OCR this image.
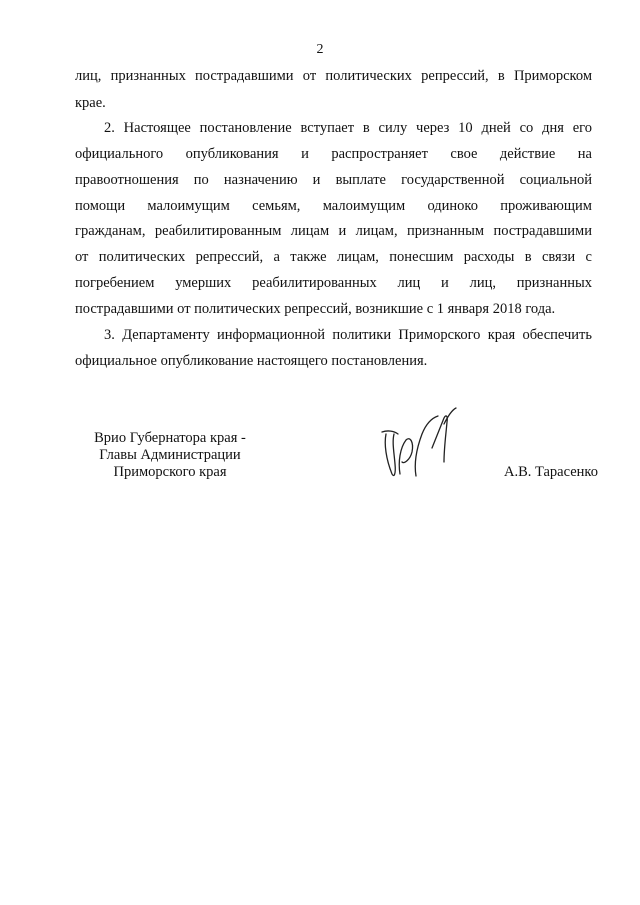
2
лиц, признанных пострадавшими от политических репрессий, в Приморском
крае.
2. Настоящее постановление вступает в силу через 10 дней со дня его
официального опубликования и распространяет свое действие на
правоотношения по назначению и выплате государственной социальной
помощи малоимущим семьям, малоимущим одиноко проживающим
гражданам, реабилитированным лицам и лицам, признанным пострадавшими
от политических репрессий, а также лицам, понесшим расходы в связи с
погребением умерших реабилитированных лиц и лиц, признанных
пострадавшими от политических репрессий, возникшие с 1 января 2018 года.
3. Департаменту информационной политики Приморского края обеспечить
официальное опубликование настоящего постановления.
Врио Губернатора края -
Главы Администрации
Приморского края	А.В. Тарасенко
